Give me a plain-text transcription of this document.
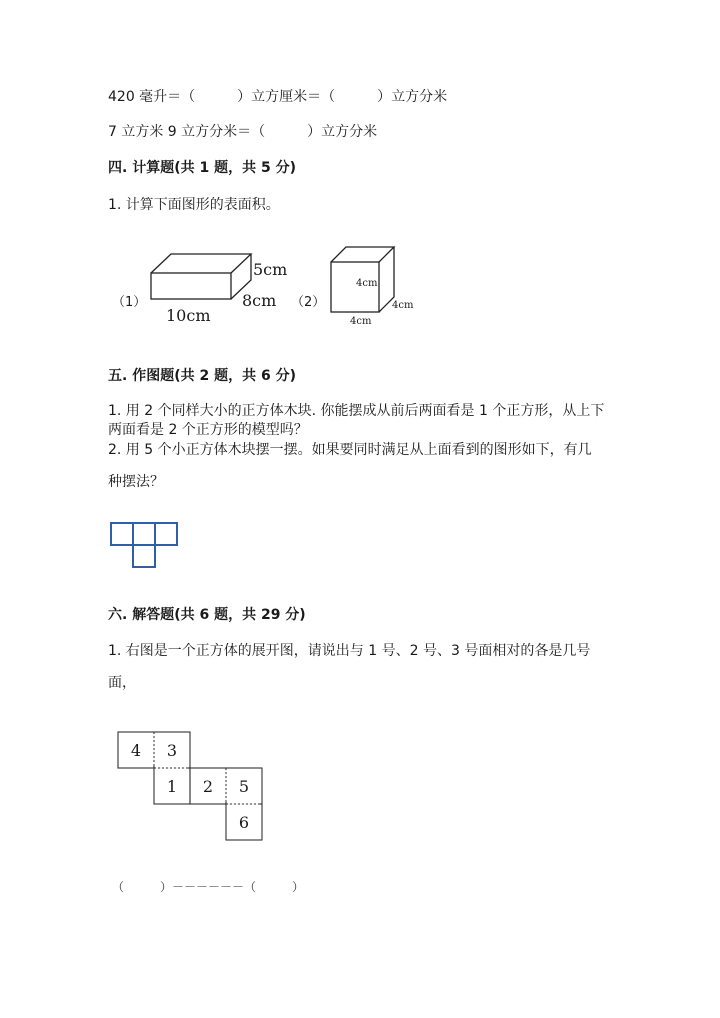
420 毫升＝（　　　）立方厘米＝（　　　）立方分米
7 立方米 9 立方分米＝（　　　）立方分米
四. 计算题(共 1 题，共 5 分)
1. 计算下面图形的表面积。
（1）
5cm
8cm
10cm
（2）
4cm
4cm
4cm
五. 作图题(共 2 题，共 6 分)
1. 用 2 个同样大小的正方体木块. 你能摆成从前后两面看是 1 个正方形，从上下
两面看是 2 个正方形的模型吗？
2. 用 5 个小正方体木块摆一摆。如果要同时满足从上面看到的图形如下，有几
种摆法？
六. 解答题(共 6 题，共 29 分)
1. 右图是一个正方体的展开图，请说出与 1 号、2 号、3 号面相对的各是几号
面，
4 3
1 2 5
6
（　　　）－－－－－－（　　　）
